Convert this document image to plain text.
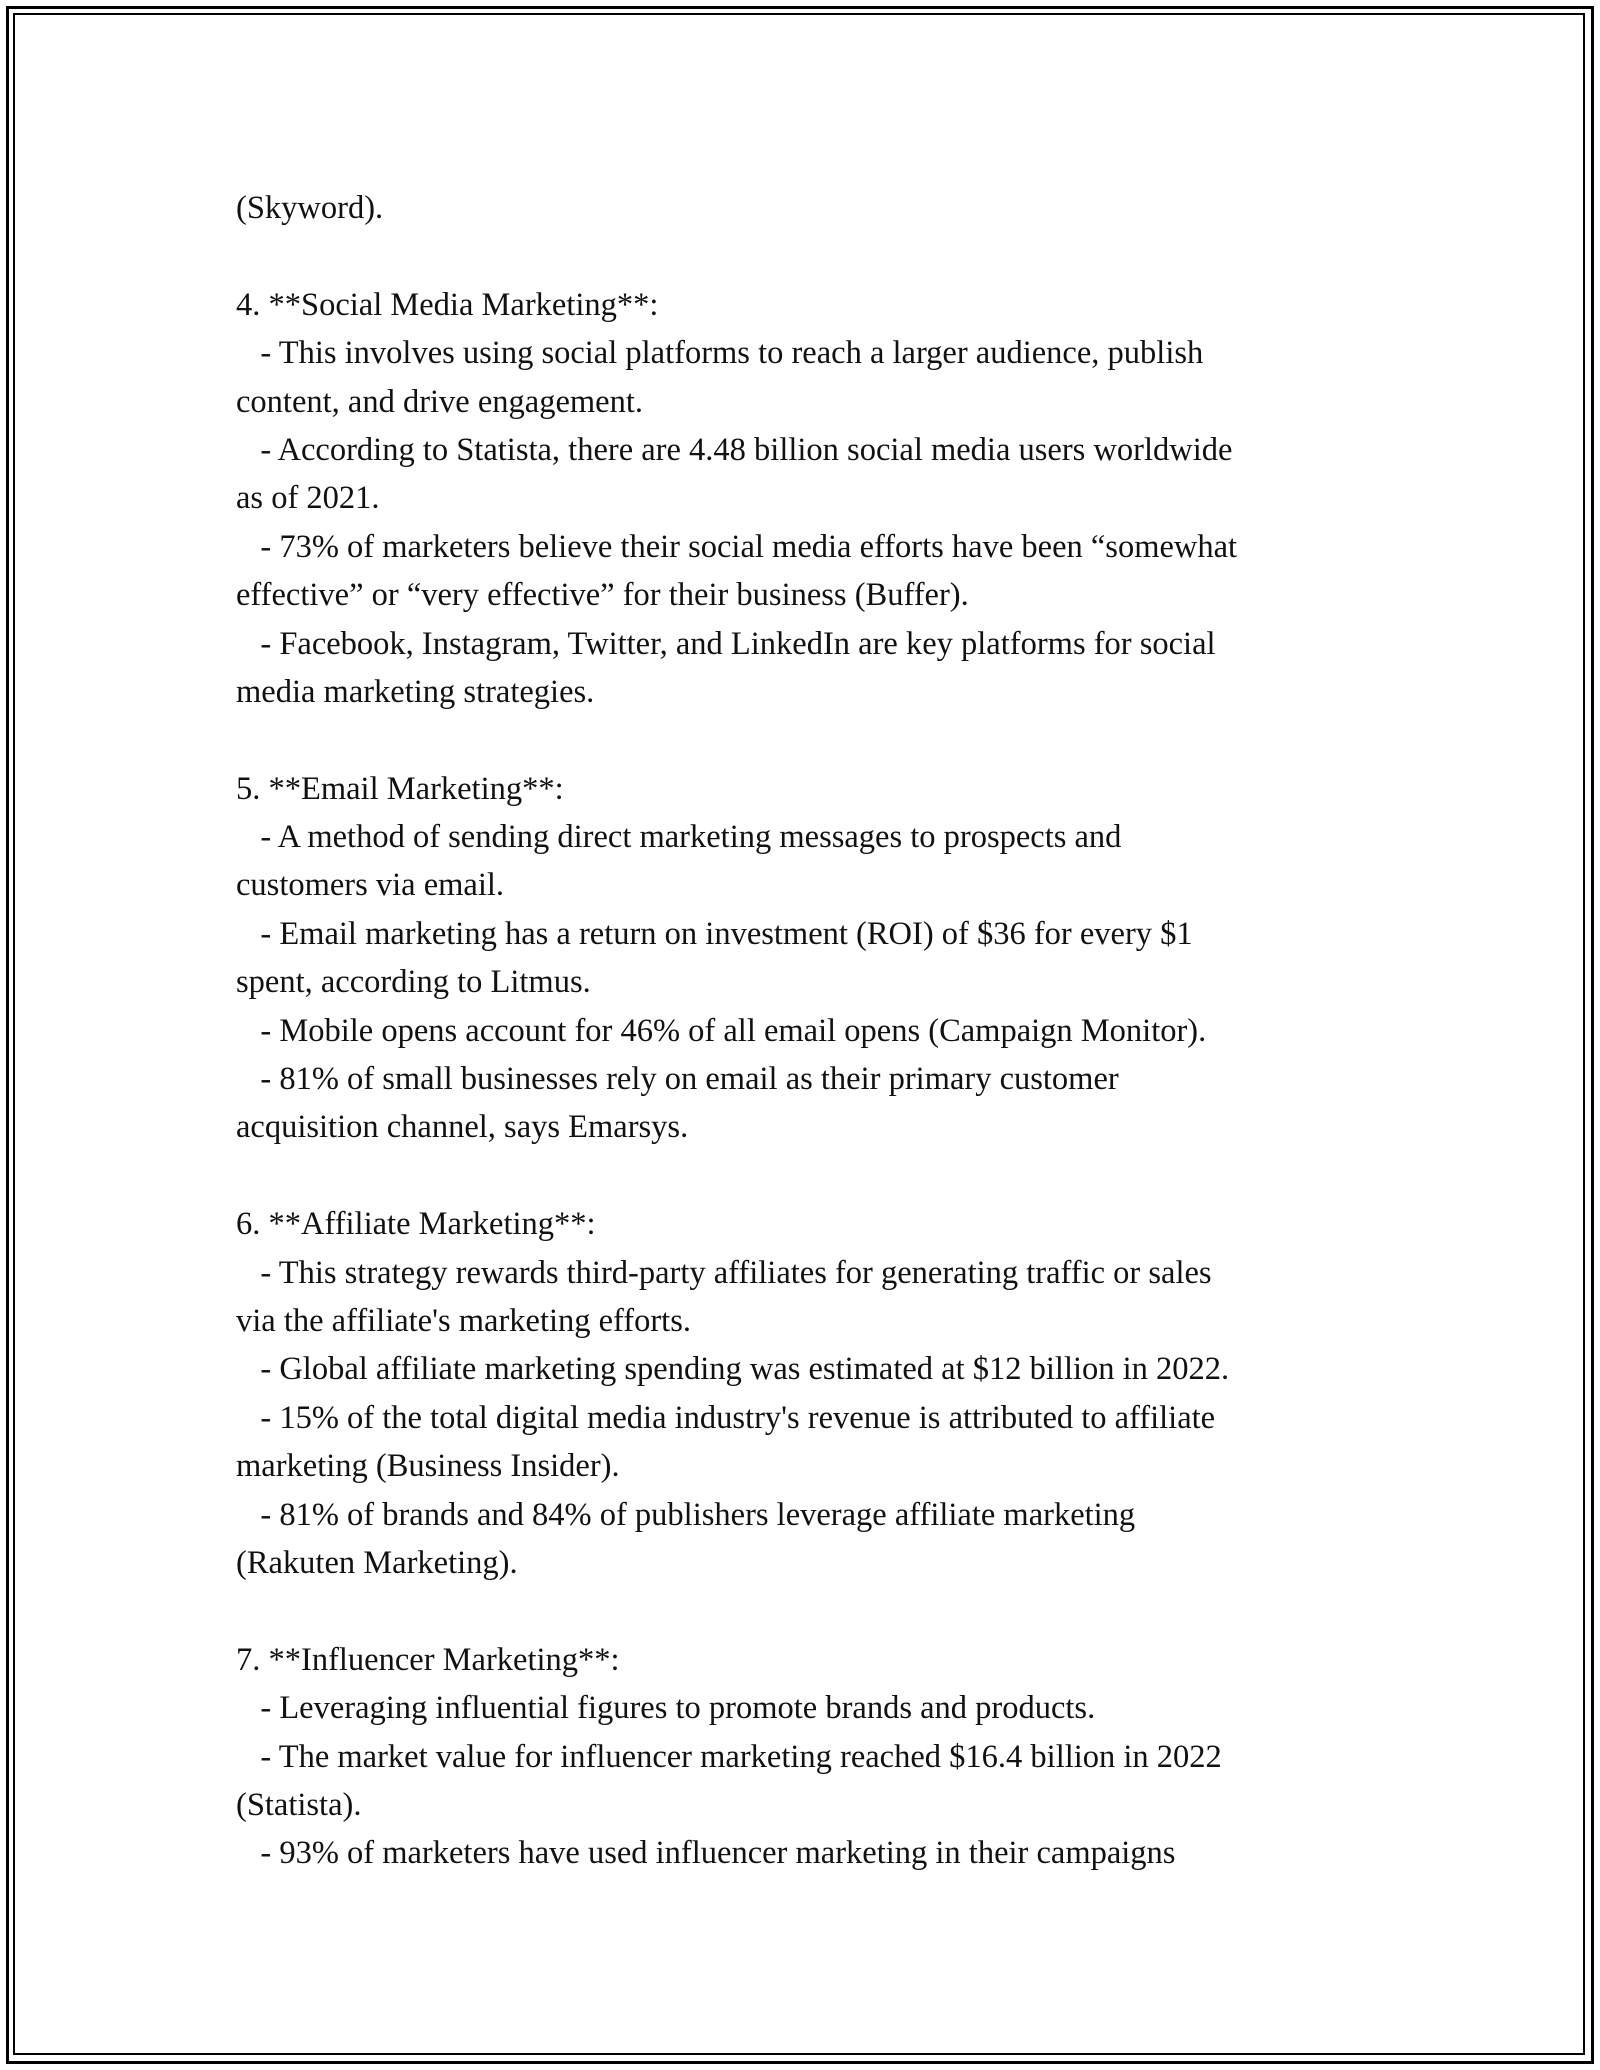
(Skyword).
4. **Social Media Marketing**:
- This involves using social platforms to reach a larger audience, publish
content, and drive engagement.
- According to Statista, there are 4.48 billion social media users worldwide
as of 2021.
- 73% of marketers believe their social media efforts have been “somewhat
effective” or “very effective” for their business (Buffer).
- Facebook, Instagram, Twitter, and LinkedIn are key platforms for social
media marketing strategies.
5. **Email Marketing**:
- A method of sending direct marketing messages to prospects and
customers via email.
- Email marketing has a return on investment (ROI) of $36 for every $1
spent, according to Litmus.
- Mobile opens account for 46% of all email opens (Campaign Monitor).
- 81% of small businesses rely on email as their primary customer
acquisition channel, says Emarsys.
6. **Affiliate Marketing**:
- This strategy rewards third-party affiliates for generating traffic or sales
via the affiliate's marketing efforts.
- Global affiliate marketing spending was estimated at $12 billion in 2022.
- 15% of the total digital media industry's revenue is attributed to affiliate
marketing (Business Insider).
- 81% of brands and 84% of publishers leverage affiliate marketing
(Rakuten Marketing).
7. **Influencer Marketing**:
- Leveraging influential figures to promote brands and products.
- The market value for influencer marketing reached $16.4 billion in 2022
(Statista).
- 93% of marketers have used influencer marketing in their campaigns
